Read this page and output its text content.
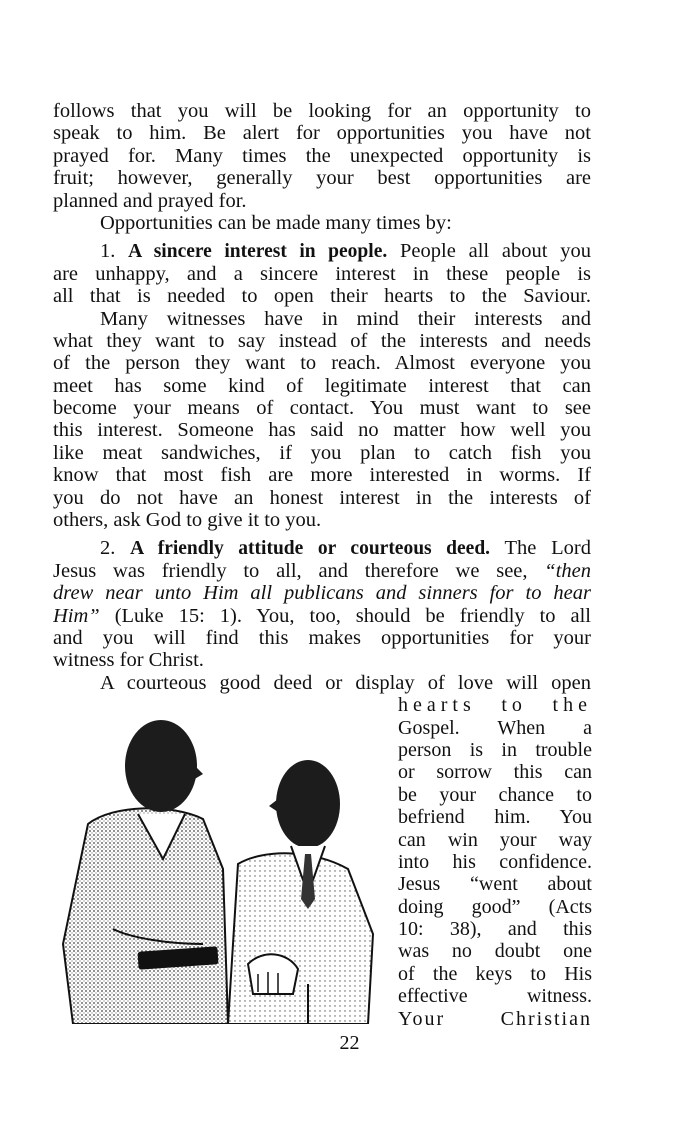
follows that you will be looking for an opportunity to
speak to him. Be alert for opportunities you have not
prayed for. Many times the unexpected opportunity is
fruit; however, generally your best opportunities are
planned and prayed for.
Opportunities can be made many times by:
1. A sincere interest in people. People all about you
are unhappy, and a sincere interest in these people is
all that is needed to open their hearts to the Saviour.
Many witnesses have in mind their interests and
what they want to say instead of the interests and needs
of the person they want to reach. Almost everyone you
meet has some kind of legitimate interest that can
become your means of contact. You must want to see
this interest. Someone has said no matter how well you
like meat sandwiches, if you plan to catch fish you
know that most fish are more interested in worms. If
you do not have an honest interest in the interests of
others, ask God to give it to you.
2. A friendly attitude or courteous deed. The Lord
Jesus was friendly to all, and therefore we see, “then
drew near unto Him all publicans and sinners for to hear
Him” (Luke 15: 1). You, too, should be friendly to all
and you will find this makes opportunities for your
witness for Christ.
A courteous good deed or display of love will open
hearts to the
Gospel. When a
person is in trouble
or sorrow this can
be your chance to
befriend him. You
can win your way
into his confidence.
Jesus “went about
doing good” (Acts
10: 38), and this
was no doubt one
of the keys to His
effective witness.
Your Christian
22
